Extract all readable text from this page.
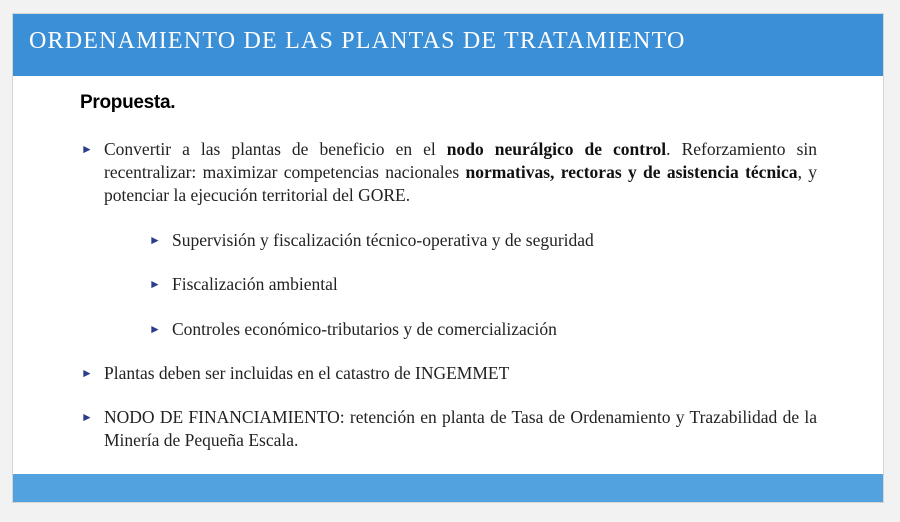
ORDENAMIENTO DE LAS PLANTAS DE TRATAMIENTO
Propuesta.
► Convertir a las plantas de beneficio en el nodo neurálgico de control. Reforzamiento sin recentralizar: maximizar competencias nacionales normativas, rectoras y de asistencia técnica, y potenciar la ejecución territorial del GORE.
► Supervisión y fiscalización técnico-operativa y de seguridad
► Fiscalización ambiental
► Controles económico-tributarios y de comercialización
► Plantas deben ser incluidas en el catastro de INGEMMET
► NODO DE FINANCIAMIENTO: retención en planta de Tasa de Ordenamiento y Trazabilidad de la Minería de Pequeña Escala.
